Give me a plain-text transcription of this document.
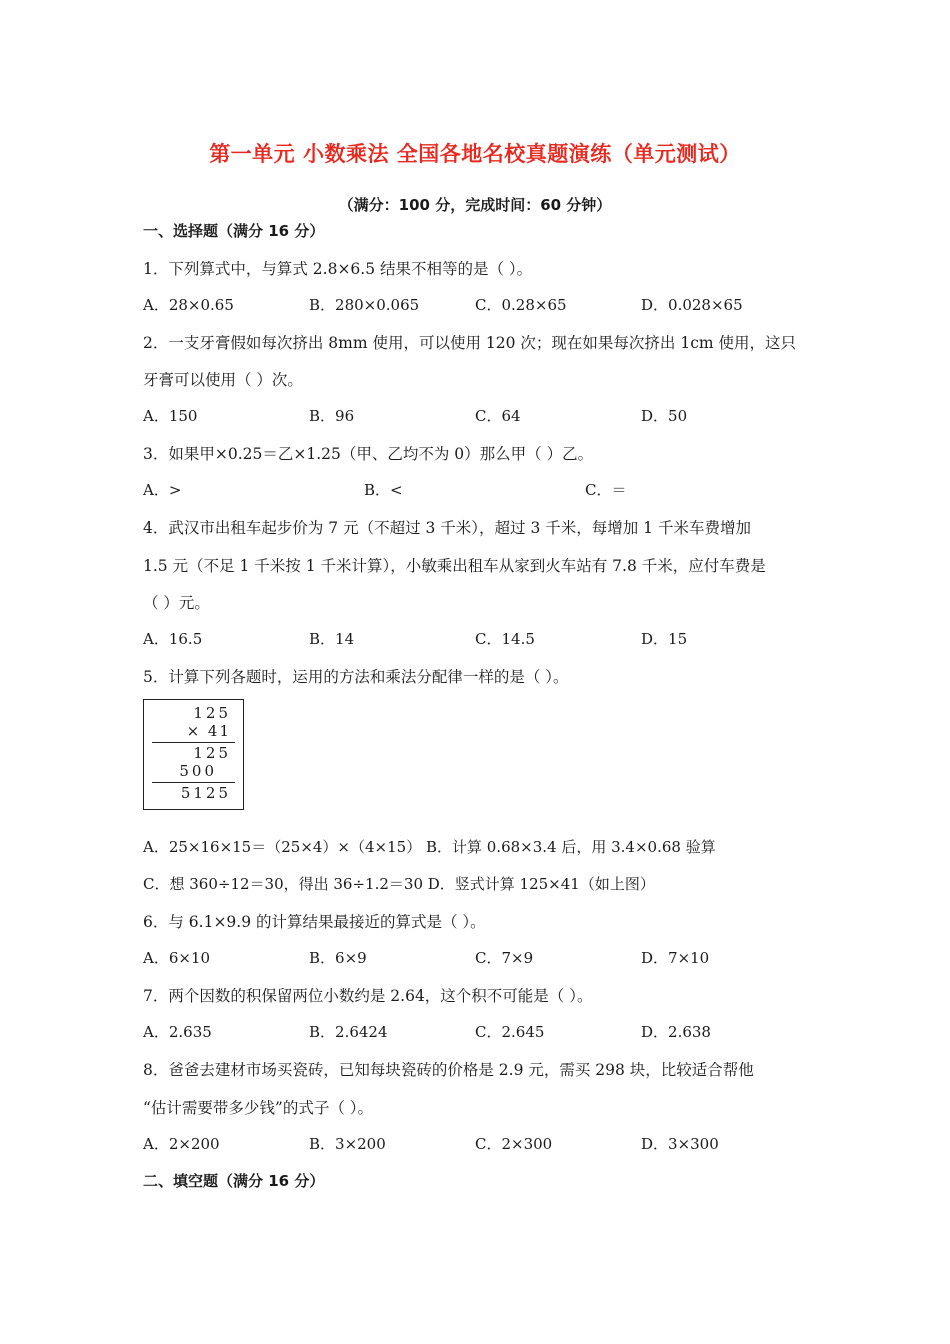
第一单元 小数乘法 全国各地名校真题演练（单元测试）
（满分：100 分，完成时间：60 分钟）
一、选择题（满分 16 分）
1．下列算式中，与算式 2.8×6.5 结果不相等的是（ ）。
A．28×0.65	B．280×0.065	C．0.28×65	D．0.028×65
2．一支牙膏假如每次挤出 8mm 使用，可以使用 120 次；现在如果每次挤出 1cm 使用，这只
牙膏可以使用（ ）次。
A．150	B．96	C．64	D．50
3．如果甲×0.25＝乙×1.25（甲、乙均不为 0）那么甲（ ）乙。
A．>	B．<	C．＝
4．武汉市出租车起步价为 7 元（不超过 3 千米），超过 3 千米，每增加 1 千米车费增加
1.5 元（不足 1 千米按 1 千米计算），小敏乘出租车从家到火车站有 7.8 千米，应付车费是
（ ）元。
A．16.5	B．14	C．14.5	D．15
5．计算下列各题时，运用的方法和乘法分配律一样的是（ ）。
125
× 41
125
500
5125
A．25×16×15＝（25×4）×（4×15） B．计算 0.68×3.4 后，用 3.4×0.68 验算
C．想 360÷12＝30，得出 36÷1.2＝30 D．竖式计算 125×41（如上图）
6．与 6.1×9.9 的计算结果最接近的算式是（ ）。
A．6×10	B．6×9	C．7×9	D．7×10
7．两个因数的积保留两位小数约是 2.64，这个积不可能是（ ）。
A．2.635	B．2.6424	C．2.645	D．2.638
8．爸爸去建材市场买瓷砖，已知每块瓷砖的价格是 2.9 元，需买 298 块，比较适合帮他
“估计需要带多少钱”的式子（ ）。
A．2×200	B．3×200	C．2×300	D．3×300
二、填空题（满分 16 分）
